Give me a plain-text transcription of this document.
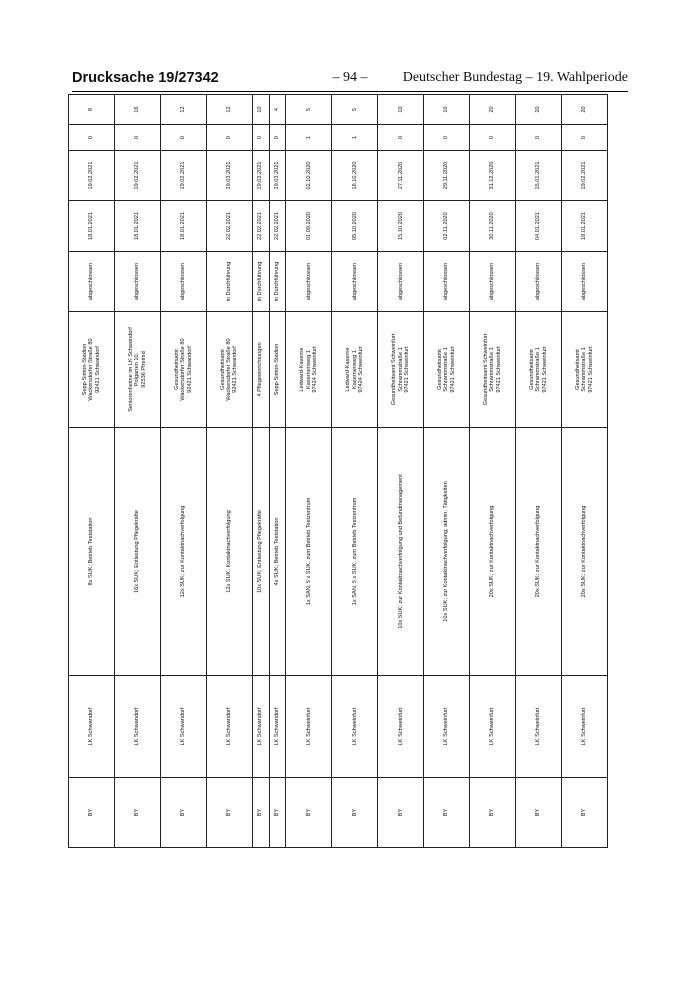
Drucksache 19/27342	– 94 –	Deutscher Bundestag – 19. Wahlperiode
BY	LK Schwandorf	8x SUK; Betrieb Teststation	Sepp-Simon-Stadion
Wackersdorfer Straße 80
92421 Schwandorf	abgeschlossen	18.01.2021	19.02.2021	0	8
BY	LK Schwandorf	16x SUK; Entlastung Pflegekräfte	Seniorenheime im LK Schwandorf
Polgarten 10,
92536 Pfreimd	abgeschlossen	18.01.2021	19.02.2021	0	16
BY	LK Schwandorf	12x SUK; zur Kontaktnachverfolgung	Gesundheitsamt
Wackersdorfer Straße 80
92421 Schwandorf	abgeschlossen	18.01.2021	19.02.2021	0	12
BY	LK Schwandorf	12x SUK; Kontaktnachverfolgung	Gesundheitsamt
Wackersdorfer Straße 80
92421 Schwandorf	in Durchführung	22.02.2021	19.03.2021	0	12
BY	LK Schwandorf	10x SUK; Entlastung Pflegekräfte	4 Pflegeeinrichtungen	in Durchführung	22.02.2021	19.03.2021	0	10
BY	LK Schwandorf	4x SUK; Betrieb Teststation	Sepp-Simon-Stadion	in Durchführung	22.02.2021	19.03.2021	0	4
BY	LK Schweinfurt	1x SAN, 5 x SUK, zum Betrieb Testzentrum	Ledward-Kaserne
Kasernenweg 1
97424 Schweinfurt	abgeschlossen	01.09.2020	02.10.2020	1	5
BY	LK Schweinfurt	1x SAN, 5 x SUK, zum Betrieb Testzentrum	Ledward-Kaserne
Kasernenweg 1
97424 Schweinfurt	abgeschlossen	05.10.2020	16.10.2020	1	5
BY	LK Schweinfurt	10x SUK; zur Kontaktnachverfolgung und Befundmanagement	Gesundheitsamt Schweinfurt
Schrammstraße 1
97421 Schweinfurt	abgeschlossen	15.10.2020	27.11.2020	0	10
BY	LK Schweinfurt	10x SUK; zur Kontaktnachverfolgung, admin. Tätigkeiten	Gesundheitsamt
Schrammstraße 1
97421 Schweinfurt	abgeschlossen	02.11.2020	29.11.2020	0	10
BY	LK Schweinfurt	20x SUK; zur Kontaktnachverfolgung	Gesundheitsamt Schweinfurt
Schrammstraße 1
97421 Schweinfurt	abgeschlossen	30.11.2020	31.12.2020	0	20
BY	LK Schweinfurt	20x SUK; zur Kontaktnachverfolgung	Gesundheitsamt
Schrammstraße 1
97421 Schweinfurt	abgeschlossen	04.01.2021	15.01.2021	0	20
BY	LK Schweinfurt	20x SUK; zur Kontaktnachverfolgung	Gesundheitsamt
Schrammstraße 1
97421 Schweinfurt	abgeschlossen	18.01.2021	19.02.2021	0	20
